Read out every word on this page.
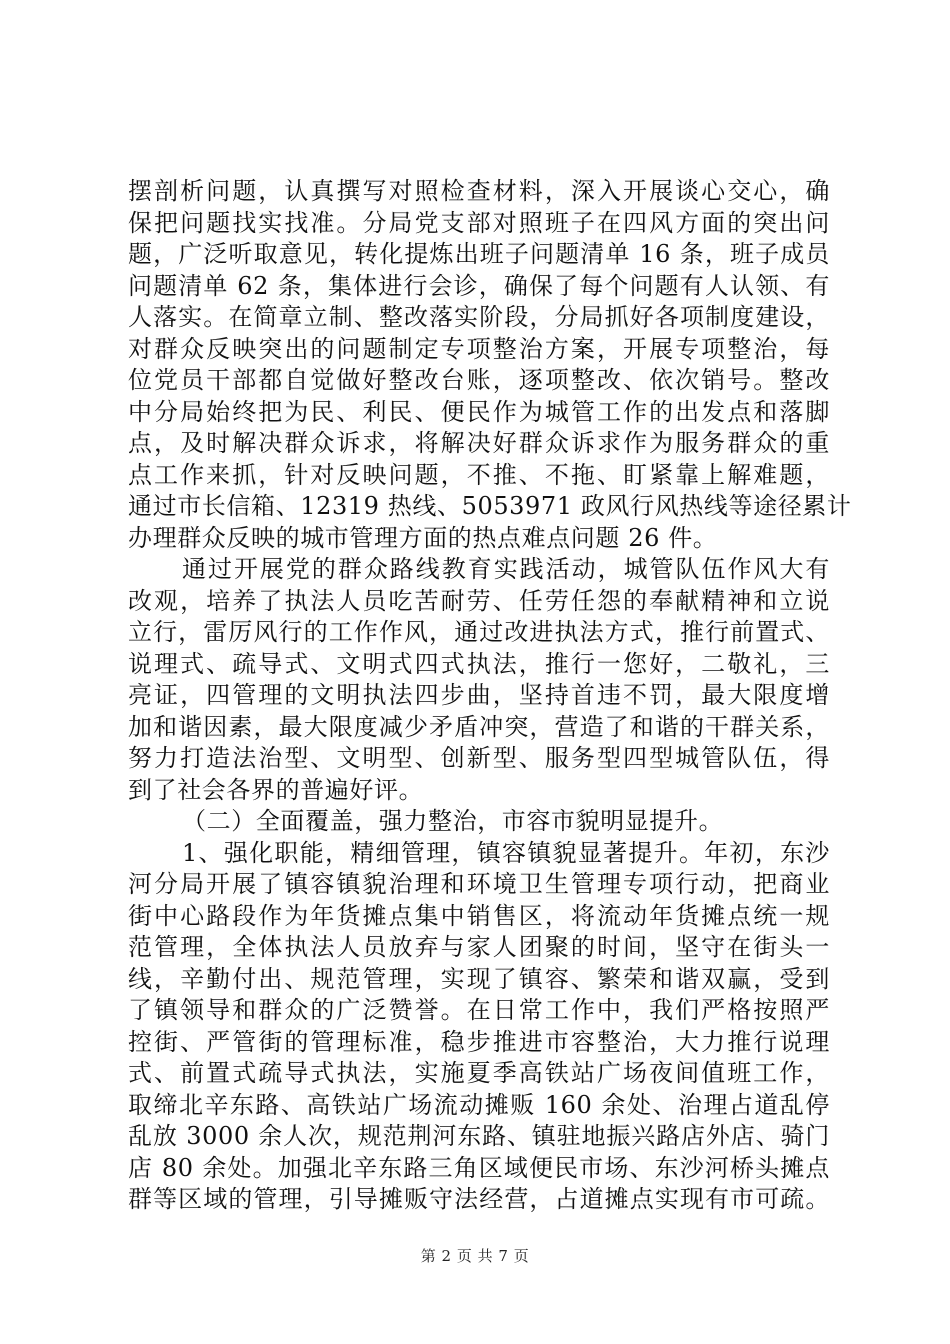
摆剖析问题，认真撰写对照检查材料，深入开展谈心交心，确
保把问题找实找准。分局党支部对照班子在四风方面的突出问
题，广泛听取意见，转化提炼出班子问题清单 16 条，班子成员
问题清单 62 条，集体进行会诊，确保了每个问题有人认领、有
人落实。在简章立制、整改落实阶段，分局抓好各项制度建设，
对群众反映突出的问题制定专项整治方案，开展专项整治，每
位党员干部都自觉做好整改台账，逐项整改、依次销号。整改
中分局始终把为民、利民、便民作为城管工作的出发点和落脚
点，及时解决群众诉求，将解决好群众诉求作为服务群众的重
点工作来抓，针对反映问题，不推、不拖、盯紧靠上解难题，
通过市长信箱、12319 热线、5053971 政风行风热线等途径累计
办理群众反映的城市管理方面的热点难点问题 26 件。
通过开展党的群众路线教育实践活动，城管队伍作风大有
改观，培养了执法人员吃苦耐劳、任劳任怨的奉献精神和立说
立行，雷厉风行的工作作风，通过改进执法方式，推行前置式、
说理式、疏导式、文明式四式执法，推行一您好，二敬礼，三
亮证，四管理的文明执法四步曲，坚持首违不罚，最大限度增
加和谐因素，最大限度减少矛盾冲突，营造了和谐的干群关系，
努力打造法治型、文明型、创新型、服务型四型城管队伍，得
到了社会各界的普遍好评。
（二）全面覆盖，强力整治，市容市貌明显提升。
1、强化职能，精细管理，镇容镇貌显著提升。年初，东沙
河分局开展了镇容镇貌治理和环境卫生管理专项行动，把商业
街中心路段作为年货摊点集中销售区，将流动年货摊点统一规
范管理，全体执法人员放弃与家人团聚的时间，坚守在街头一
线，辛勤付出、规范管理，实现了镇容、繁荣和谐双赢，受到
了镇领导和群众的广泛赞誉。在日常工作中，我们严格按照严
控街、严管街的管理标准，稳步推进市容整治，大力推行说理
式、前置式疏导式执法，实施夏季高铁站广场夜间值班工作，
取缔北辛东路、高铁站广场流动摊贩 160 余处、治理占道乱停
乱放 3000 余人次，规范荆河东路、镇驻地振兴路店外店、骑门
店 80 余处。加强北辛东路三角区域便民市场、东沙河桥头摊点
群等区域的管理，引导摊贩守法经营，占道摊点实现有市可疏。
第 2 页 共 7 页
